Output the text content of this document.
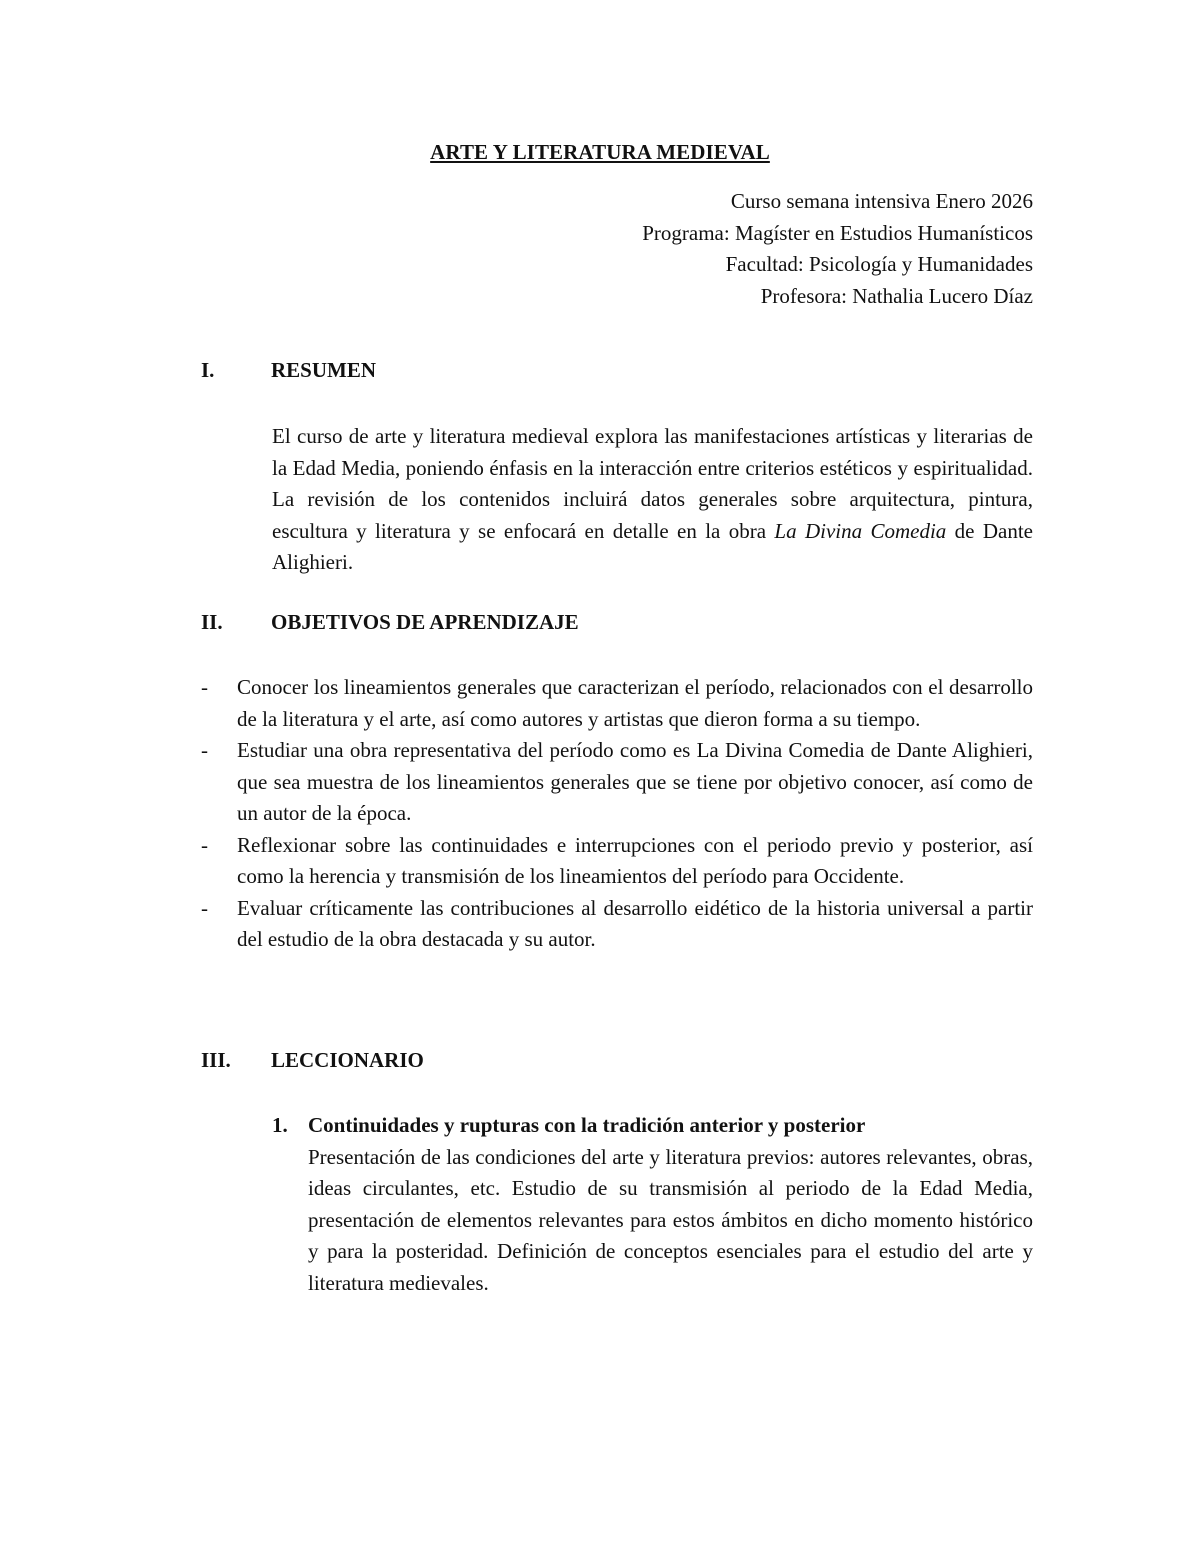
ARTE Y LITERATURA MEDIEVAL
Curso semana intensiva Enero 2026
Programa: Magíster en Estudios Humanísticos
Facultad: Psicología y Humanidades
Profesora: Nathalia Lucero Díaz
I.	RESUMEN
El curso de arte y literatura medieval explora las manifestaciones artísticas y literarias de la Edad Media, poniendo énfasis en la interacción entre criterios estéticos y espiritualidad. La revisión de los contenidos incluirá datos generales sobre arquitectura, pintura, escultura y literatura y se enfocará en detalle en la obra La Divina Comedia de Dante Alighieri.
II. OBJETIVOS DE APRENDIZAJE
- Conocer los lineamientos generales que caracterizan el período, relacionados con el desarrollo de la literatura y el arte, así como autores y artistas que dieron forma a su tiempo.
- Estudiar una obra representativa del período como es La Divina Comedia de Dante Alighieri, que sea muestra de los lineamientos generales que se tiene por objetivo conocer, así como de un autor de la época.
- Reflexionar sobre las continuidades e interrupciones con el periodo previo y posterior, así como la herencia y transmisión de los lineamientos del período para Occidente.
- Evaluar críticamente las contribuciones al desarrollo eidético de la historia universal a partir del estudio de la obra destacada y su autor.
III. LECCIONARIO
1. Continuidades y rupturas con la tradición anterior y posterior
Presentación de las condiciones del arte y literatura previos: autores relevantes, obras, ideas circulantes, etc. Estudio de su transmisión al periodo de la Edad Media, presentación de elementos relevantes para estos ámbitos en dicho momento histórico y para la posteridad. Definición de conceptos esenciales para el estudio del arte y literatura medievales.
